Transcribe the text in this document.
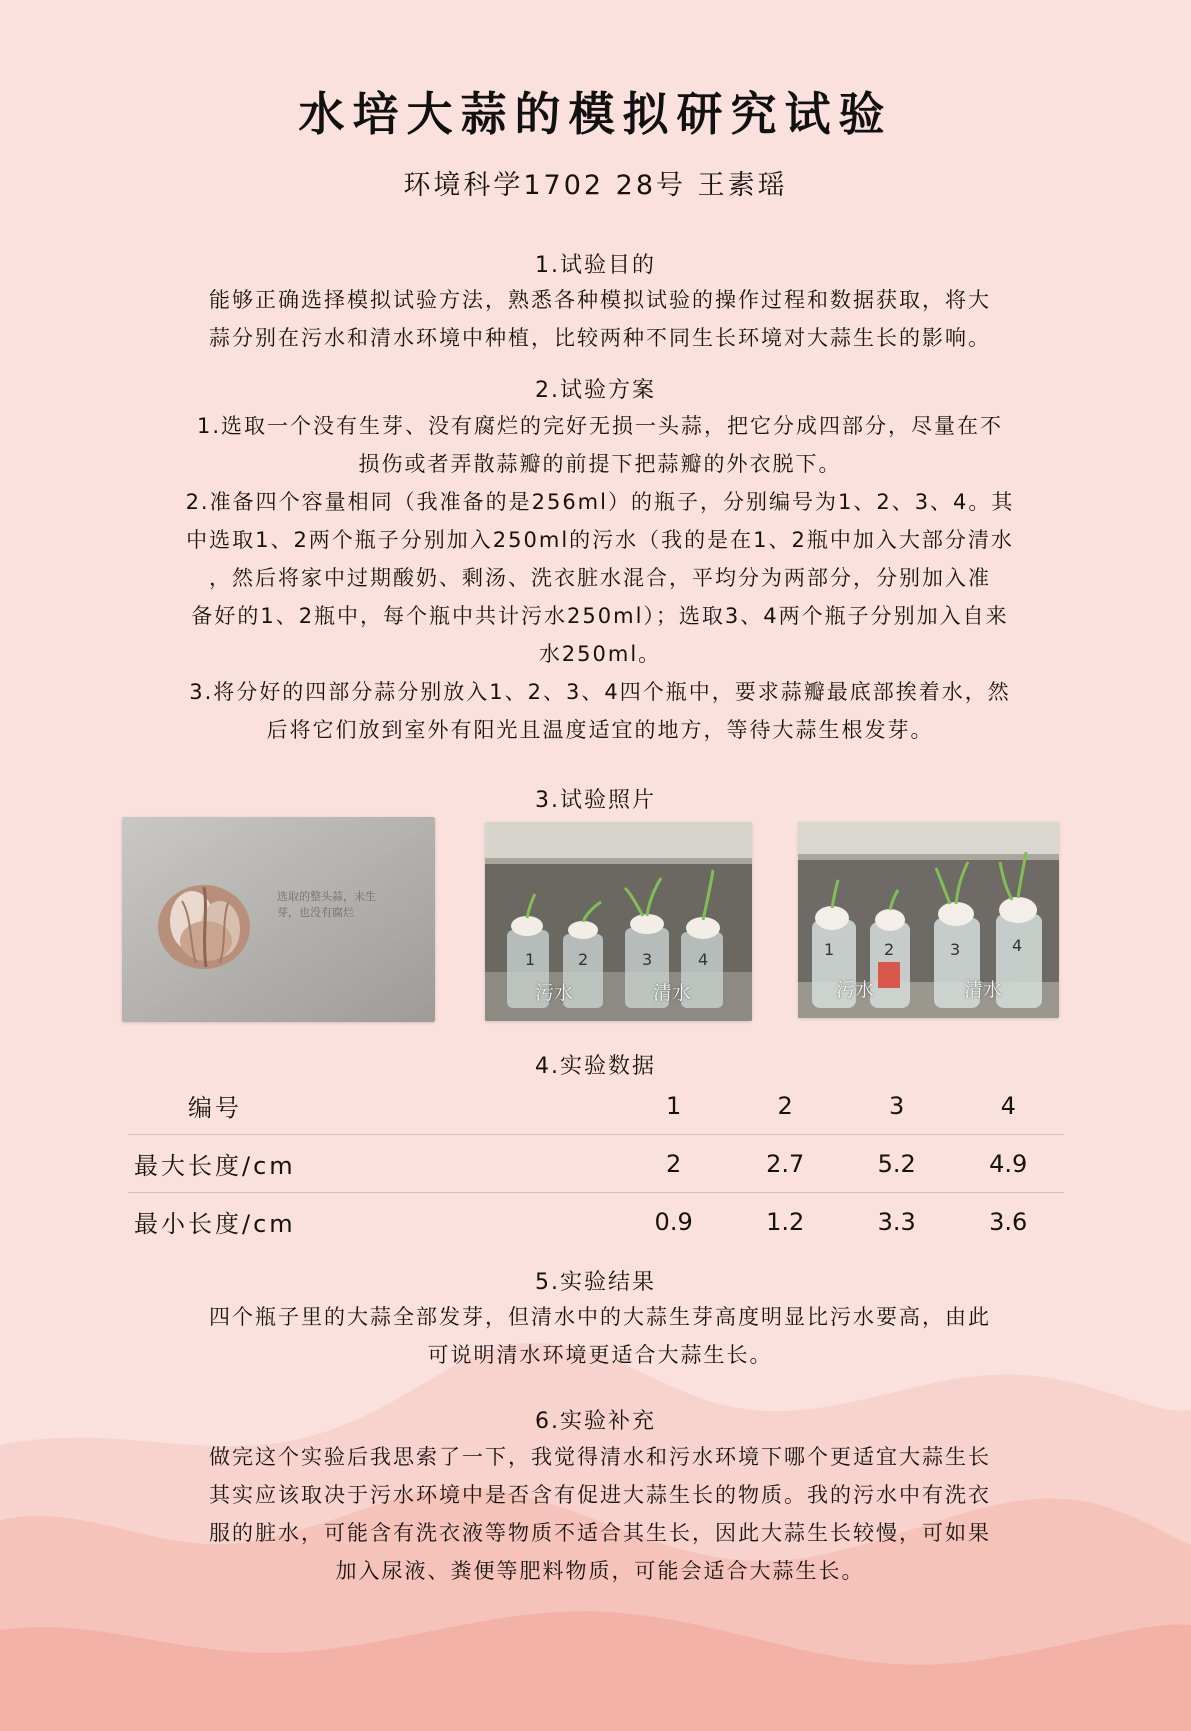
水培大蒜的模拟研究试验
环境科学1702 28号 王素瑶
1.试验目的
能够正确选择模拟试验方法，熟悉各种模拟试验的操作过程和数据获取，将大
蒜分别在污水和清水环境中种植，比较两种不同生长环境对大蒜生长的影响。
2.试验方案
1.选取一个没有生芽、没有腐烂的完好无损一头蒜，把它分成四部分，尽量在不
损伤或者弄散蒜瓣的前提下把蒜瓣的外衣脱下。
2.准备四个容量相同（我准备的是256ml）的瓶子，分别编号为1、2、3、4。其
中选取1、2两个瓶子分别加入250ml的污水（我的是在1、2瓶中加入大部分清水
，然后将家中过期酸奶、剩汤、洗衣脏水混合，平均分为两部分，分别加入准
备好的1、2瓶中，每个瓶中共计污水250ml）；选取3、4两个瓶子分别加入自来
水250ml。
3.将分好的四部分蒜分别放入1、2、3、4四个瓶中，要求蒜瓣最底部挨着水，然
后将它们放到室外有阳光且温度适宜的地方，等待大蒜生根发芽。
3.试验照片
选取的整头蒜，未生芽，也没有腐烂
1	2	3	4
污水	清水
1	2	3	4
污水	清水
4.实验数据
编号	1	2	3	4
最大长度/cm	2	2.7	5.2	4.9
最小长度/cm	0.9	1.2	3.3	3.6
5.实验结果
四个瓶子里的大蒜全部发芽，但清水中的大蒜生芽高度明显比污水要高，由此
可说明清水环境更适合大蒜生长。
6.实验补充
做完这个实验后我思索了一下，我觉得清水和污水环境下哪个更适宜大蒜生长
其实应该取决于污水环境中是否含有促进大蒜生长的物质。我的污水中有洗衣
服的脏水，可能含有洗衣液等物质不适合其生长，因此大蒜生长较慢，可如果
加入尿液、粪便等肥料物质，可能会适合大蒜生长。
